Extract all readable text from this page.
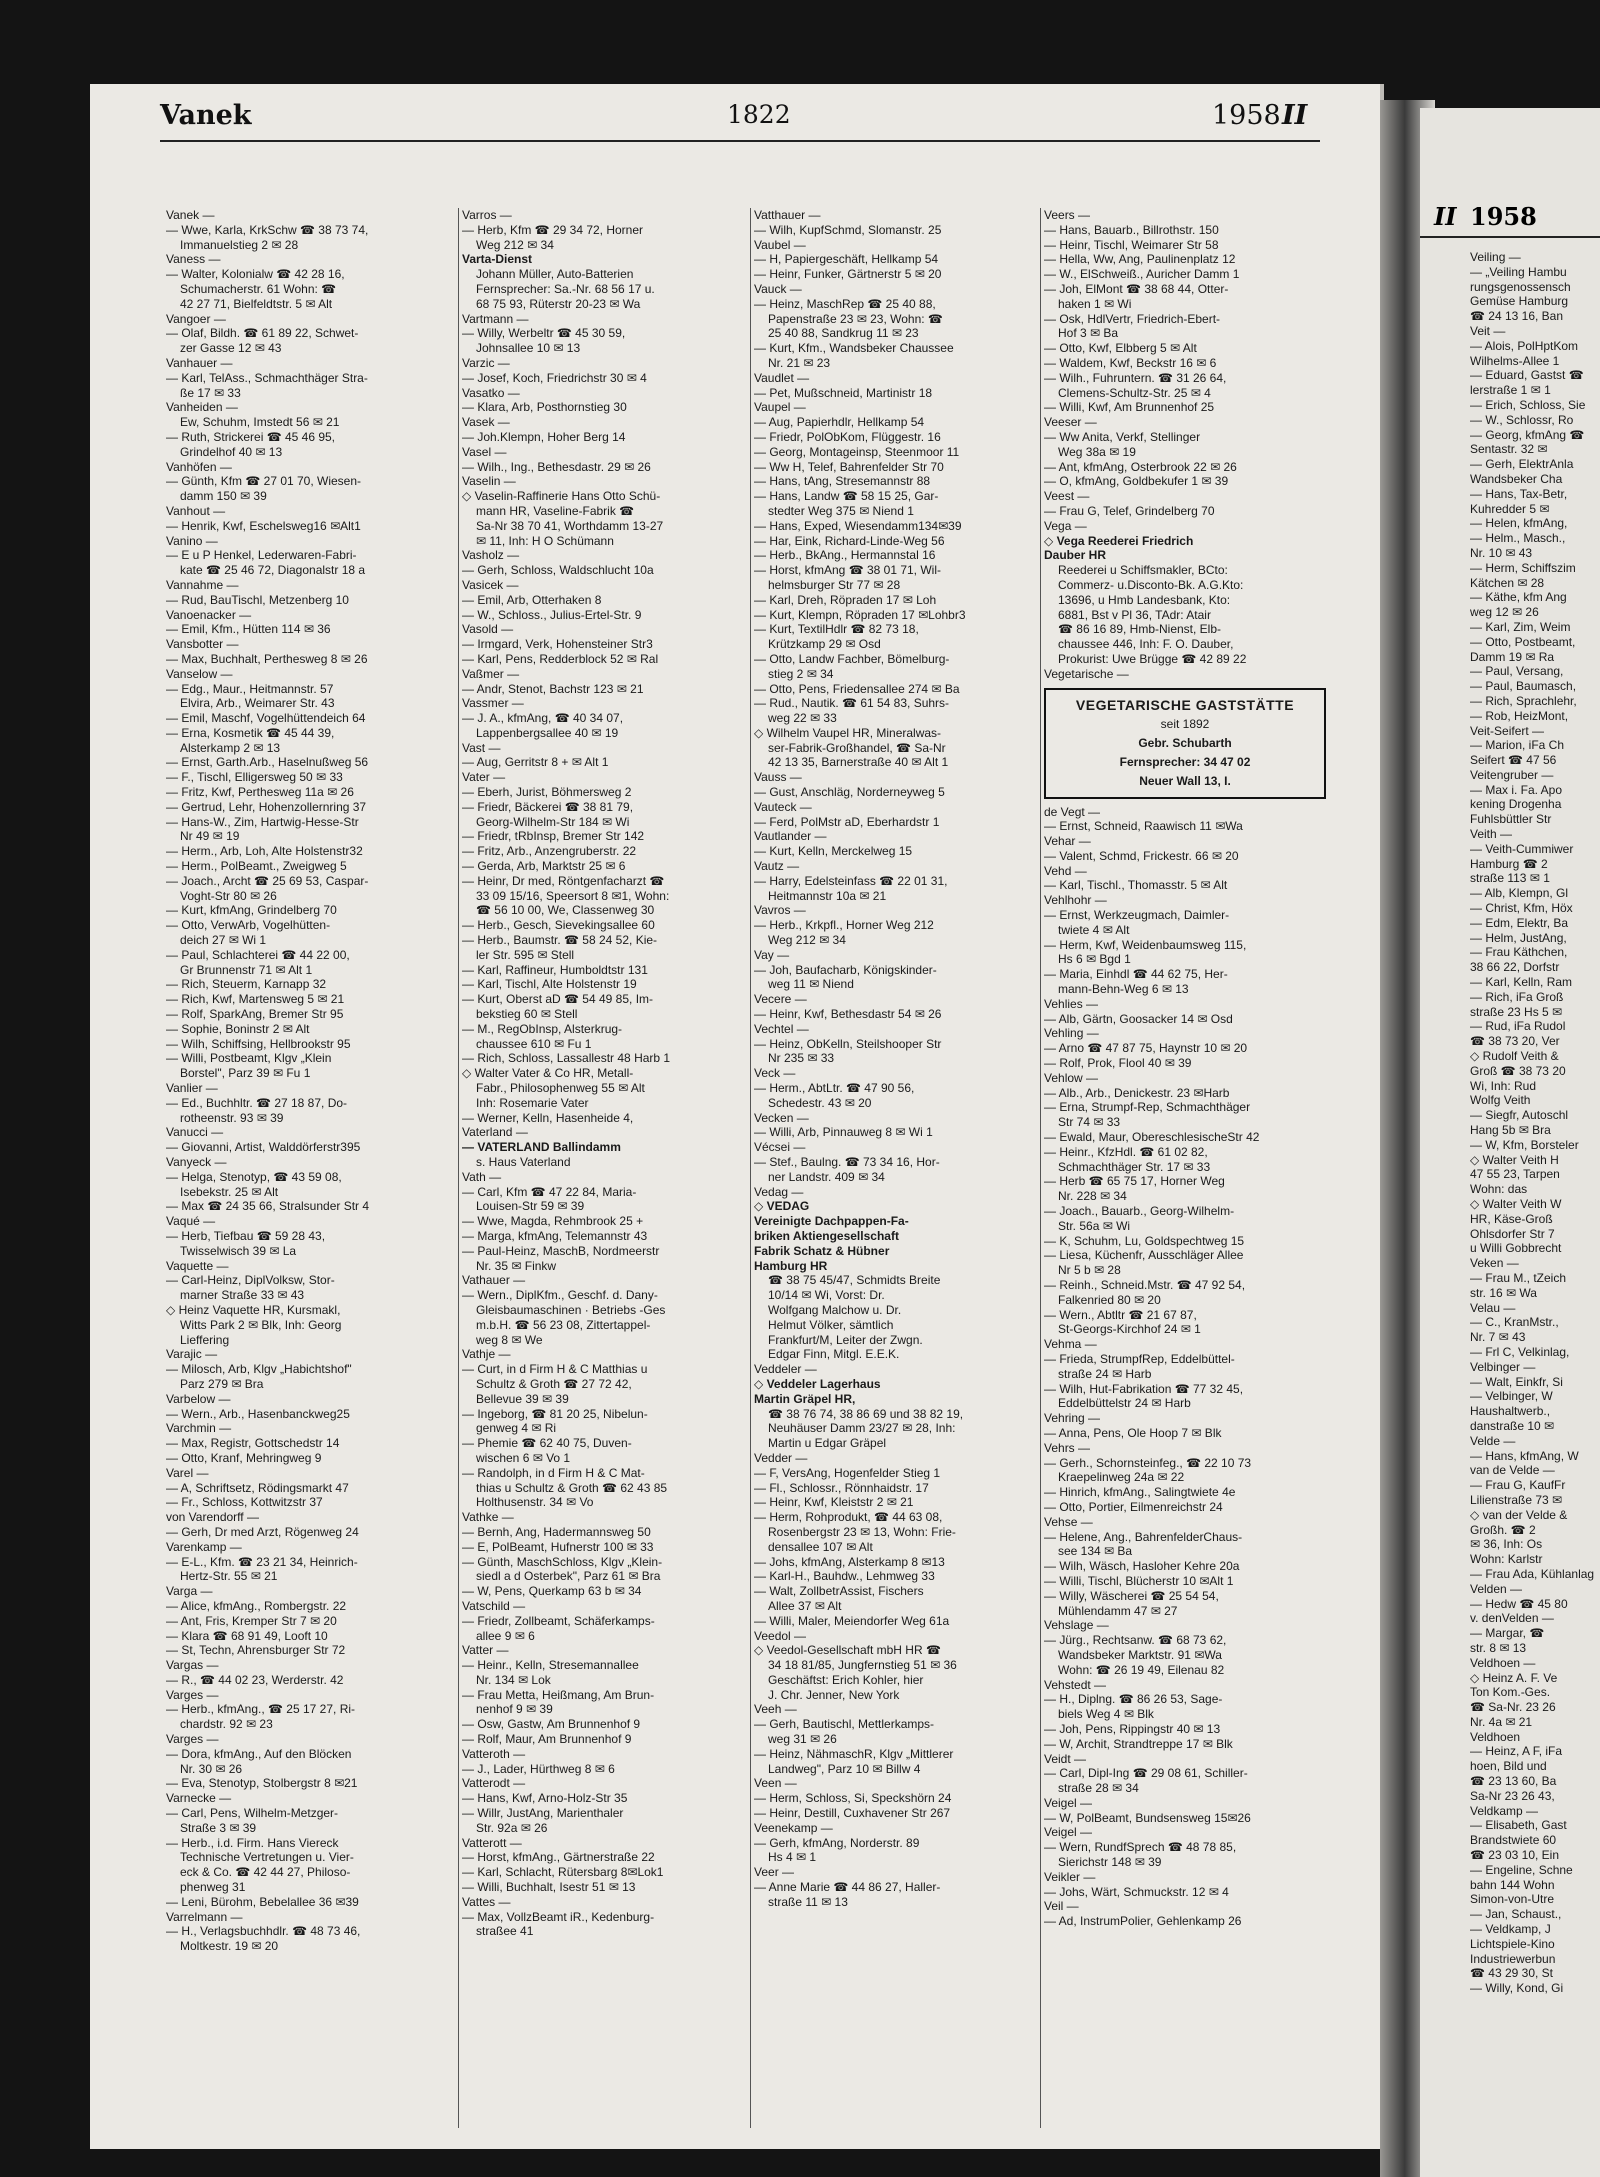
II 1958
Veiling —
— „Veiling Hambu
rungsgenossensch
Gemüse Hamburg
☎ 24 13 16, Ban
Veit —
— Alois, PolHptKom
Wilhelms-Allee 1
— Eduard, Gastst ☎
lerstraße 1 ✉ 1
— Erich, Schloss, Sie
— W., Schlossr, Ro
— Georg, kfmAng ☎
Sentastr. 32 ✉
— Gerh, ElektrAnla
Wandsbeker Cha
— Hans, Tax-Betr,
Kuhredder 5 ✉
— Helen, kfmAng,
— Helm., Masch.,
Nr. 10 ✉ 43
— Herm, Schiffszim
Kätchen ✉ 28
— Käthe, kfm Ang
weg 12 ✉ 26
— Karl, Zim, Weim
— Otto, Postbeamt,
Damm 19 ✉ Ra
— Paul, Versang,
— Paul, Baumasch,
— Rich, Sprachlehr,
— Rob, HeizMont,
Veit-Seifert —
— Marion, iFa Ch
Seifert ☎ 47 56
Veitengruber —
— Max i. Fa. Apo
kening Drogenha
Fuhlsbüttler Str
Veith —
— Veith-Cummiwer
Hamburg ☎ 2
straße 113 ✉ 1
— Alb, Klempn, Gl
— Christ, Kfm, Höx
— Edm, Elektr, Ba
— Helm, JustAng,
— Frau Käthchen,
38 66 22, Dorfstr
— Karl, Kelln, Ram
— Rich, iFa Groß
straße 23 Hs 5 ✉
— Rud, iFa Rudol
☎ 38 73 20, Ver
◇ Rudolf Veith &
Groß ☎ 38 73 20
Wi, Inh: Rud
Wolfg Veith
— Siegfr, Autoschl
Hang 5b ✉ Bra
— W, Kfm, Borsteler
◇ Walter Veith H
47 55 23, Tarpen
Wohn: das
◇ Walter Veith W
HR, Käse-Groß
Ohlsdorfer Str 7
u Willi Gobbrecht
Veken —
— Frau M., tZeich
str. 16 ✉ Wa
Velau —
— C., KranMstr.,
Nr. 7 ✉ 43
— Frl C, Velkinlag,
Velbinger —
— Walt, Einkfr, Si
— Velbinger, W
Haushaltwerb.,
danstraße 10 ✉
Velde —
— Hans, kfmAng, W
van de Velde —
— Frau G, KaufFr
Lilienstraße 73 ✉
◇ van der Velde &
Großh. ☎ 2
✉ 36, Inh: Os
Wohn: Karlstr
— Frau Ada, Kühlanlag
Velden —
— Hedw ☎ 45 80
v. denVelden —
— Margar, ☎
str. 8 ✉ 13
Veldhoen —
◇ Heinz A. F. Ve
Ton Kom.-Ges.
☎ Sa-Nr. 23 26
Nr. 4a ✉ 21
Veldhoen
— Heinz, A F, iFa
hoen, Bild und
☎ 23 13 60, Ba
Sa-Nr 23 26 43,
Veldkamp —
— Elisabeth, Gast
Brandstwiete 60
☎ 23 03 10, Ein
— Engeline, Schne
bahn 144 Wohn
Simon-von-Utre
— Jan, Schaust.,
— Veldkamp, J
Lichtspiele-Kino
Industriewerbun
☎ 43 29 30, St
— Willy, Kond, Gi
Vanek	1822	1958 II
Vanek —
— Wwe, Karla, KrkSchw ☎ 38 73 74,
Immanuelstieg 2 ✉ 28
Vaness —
— Walter, Kolonialw ☎ 42 28 16,
Schumacherstr. 61 Wohn: ☎
42 27 71, Bielfeldtstr. 5 ✉ Alt
Vangoer —
— Olaf, Bildh. ☎ 61 89 22, Schwet-
zer Gasse 12 ✉ 43
Vanhauer —
— Karl, TelAss., Schmachthäger Stra-
ße 17 ✉ 33
Vanheiden —
Ew, Schuhm, Imstedt 56 ✉ 21
— Ruth, Strickerei ☎ 45 46 95,
Grindelhof 40 ✉ 13
Vanhöfen —
— Günth, Kfm ☎ 27 01 70, Wiesen-
damm 150 ✉ 39
Vanhout —
— Henrik, Kwf, Eschelsweg16 ✉Alt1
Vanino —
— E u P Henkel, Lederwaren-Fabri-
kate ☎ 25 46 72, Diagonalstr 18 a
Vannahme —
— Rud, BauTischl, Metzenberg 10
Vanoenacker —
— Emil, Kfm., Hütten 114 ✉ 36
Vansbotter —
— Max, Buchhalt, Perthesweg 8 ✉ 26
Vanselow —
— Edg., Maur., Heitmannstr. 57
Elvira, Arb., Weimarer Str. 43
— Emil, Maschf, Vogelhüttendeich 64
— Erna, Kosmetik ☎ 45 44 39,
Alsterkamp 2 ✉ 13
— Ernst, Garth.Arb., Haselnußweg 56
— F., Tischl, Elligersweg 50 ✉ 33
— Fritz, Kwf, Perthesweg 11a ✉ 26
— Gertrud, Lehr, Hohenzollernring 37
— Hans-W., Zim, Hartwig-Hesse-Str
Nr 49 ✉ 19
— Herm., Arb, Loh, Alte Holstenstr32
— Herm., PolBeamt., Zweigweg 5
— Joach., Archt ☎ 25 69 53, Caspar-
Voght-Str 80 ✉ 26
— Kurt, kfmAng, Grindelberg 70
— Otto, VerwArb, Vogelhütten-
deich 27 ✉ Wi 1
— Paul, Schlachterei ☎ 44 22 00,
Gr Brunnenstr 71 ✉ Alt 1
— Rich, Steuerm, Karnapp 32
— Rich, Kwf, Martensweg 5 ✉ 21
— Rolf, SparkAng, Bremer Str 95
— Sophie, Boninstr 2 ✉ Alt
— Wilh, Schiffsing, Hellbrookstr 95
— Willi, Postbeamt, Klgv „Klein
Borstel", Parz 39 ✉ Fu 1
Vanlier —
— Ed., Buchhltr. ☎ 27 18 87, Do-
rotheenstr. 93 ✉ 39
Vanucci —
— Giovanni, Artist, Walddörferstr395
Vanyeck —
— Helga, Stenotyp, ☎ 43 59 08,
Isebekstr. 25 ✉ Alt
— Max ☎ 24 35 66, Stralsunder Str 4
Vaqué —
— Herb, Tiefbau ☎ 59 28 43,
Twisselwisch 39 ✉ La
Vaquette —
— Carl-Heinz, DiplVolksw, Stor-
marner Straße 33 ✉ 43
◇ Heinz Vaquette HR, Kursmakl,
Witts Park 2 ✉ Blk, Inh: Georg
Lieffering
Varajic —
— Milosch, Arb, Klgv „Habichtshof"
Parz 279 ✉ Bra
Varbelow —
— Wern., Arb., Hasenbanckweg25
Varchmin —
— Max, Registr, Gottschedstr 14
— Otto, Kranf, Mehringweg 9
Varel —
— A, Schriftsetz, Rödingsmarkt 47
— Fr., Schloss, Kottwitzstr 37
von Varendorff —
— Gerh, Dr med Arzt, Rögenweg 24
Varenkamp —
— E-L., Kfm. ☎ 23 21 34, Heinrich-
Hertz-Str. 55 ✉ 21
Varga —
— Alice, kfmAng., Rombergstr. 22
— Ant, Fris, Kremper Str 7 ✉ 20
— Klara ☎ 68 91 49, Looft 10
— St, Techn, Ahrensburger Str 72
Vargas —
— R., ☎ 44 02 23, Werderstr. 42
Varges —
— Herb., kfmAng., ☎ 25 17 27, Ri-
chardstr. 92 ✉ 23
Varges —
— Dora, kfmAng., Auf den Blöcken
Nr. 30 ✉ 26
— Eva, Stenotyp, Stolbergstr 8 ✉21
Varnecke —
— Carl, Pens, Wilhelm-Metzger-
Straße 3 ✉ 39
— Herb., i.d. Firm. Hans Viereck
Technische Vertretungen u. Vier-
eck & Co. ☎ 42 44 27, Philoso-
phenweg 31
— Leni, Bürohm, Bebelallee 36 ✉39
Varrelmann —
— H., Verlagsbuchhdlr. ☎ 48 73 46,
Moltkestr. 19 ✉ 20
Varros —
— Herb, Kfm ☎ 29 34 72, Horner
Weg 212 ✉ 34
Varta-Dienst
Johann Müller, Auto-Batterien
Fernsprecher: Sa.-Nr. 68 56 17 u.
68 75 93, Rüterstr 20-23 ✉ Wa
Vartmann —
— Willy, Werbeltr ☎ 45 30 59,
Johnsallee 10 ✉ 13
Varzic —
— Josef, Koch, Friedrichstr 30 ✉ 4
Vasatko —
— Klara, Arb, Posthornstieg 30
Vasek —
— Joh.Klempn, Hoher Berg 14
Vasel —
— Wilh., Ing., Bethesdastr. 29 ✉ 26
Vaselin —
◇ Vaselin-Raffinerie Hans Otto Schü-
mann HR, Vaseline-Fabrik ☎
Sa-Nr 38 70 41, Worthdamm 13-27
✉ 11, Inh: H O Schümann
Vasholz —
— Gerh, Schloss, Waldschlucht 10a
Vasicek —
— Emil, Arb, Otterhaken 8
— W., Schloss., Julius-Ertel-Str. 9
Vasold —
— Irmgard, Verk, Hohensteiner Str3
— Karl, Pens, Redderblock 52 ✉ Ral
Vaßmer —
— Andr, Stenot, Bachstr 123 ✉ 21
Vassmer —
— J. A., kfmAng, ☎ 40 34 07,
Lappenbergsallee 40 ✉ 19
Vast —
— Aug, Gerritstr 8 + ✉ Alt 1
Vater —
— Eberh, Jurist, Böhmersweg 2
— Friedr, Bäckerei ☎ 38 81 79,
Georg-Wilhelm-Str 184 ✉ Wi
— Friedr, tRbInsp, Bremer Str 142
— Fritz, Arb., Anzengruberstr. 22
— Gerda, Arb, Marktstr 25 ✉ 6
— Heinr, Dr med, Röntgenfacharzt ☎
33 09 15/16, Speersort 8 ✉1, Wohn:
☎ 56 10 00, We, Classenweg 30
— Herb., Gesch, Sievekingsallee 60
— Herb., Baumstr. ☎ 58 24 52, Kie-
ler Str. 595 ✉ Stell
— Karl, Raffineur, Humboldtstr 131
— Karl, Tischl, Alte Holstenstr 19
— Kurt, Oberst aD ☎ 54 49 85, Im-
bekstieg 60 ✉ Stell
— M., RegObInsp, Alsterkrug-
chaussee 610 ✉ Fu 1
— Rich, Schloss, Lassallestr 48 Harb 1
◇ Walter Vater & Co HR, Metall-
Fabr., Philosophenweg 55 ✉ Alt
Inh: Rosemarie Vater
— Werner, Kelln, Hasenheide 4,
Vaterland —
— VATERLAND Ballindamm
s. Haus Vaterland
Vath —
— Carl, Kfm ☎ 47 22 84, Maria-
Louisen-Str 59 ✉ 39
— Wwe, Magda, Rehmbrook 25 +
— Marga, kfmAng, Telemannstr 43
— Paul-Heinz, MaschB, Nordmeerstr
Nr. 35 ✉ Finkw
Vathauer —
— Wern., DiplKfm., Geschf. d. Dany-
Gleisbaumaschinen · Betriebs -Ges
m.b.H. ☎ 56 23 08, Zittertappel-
weg 8 ✉ We
Vathje —
— Curt, in d Firm H & C Matthias u
Schultz & Groth ☎ 27 72 42,
Bellevue 39 ✉ 39
— Ingeborg, ☎ 81 20 25, Nibelun-
genweg 4 ✉ Ri
— Phemie ☎ 62 40 75, Duven-
wischen 6 ✉ Vo 1
— Randolph, in d Firm H & C Mat-
thias u Schultz & Groth ☎ 62 43 85
Holthusenstr. 34 ✉ Vo
Vathke —
— Bernh, Ang, Hadermannsweg 50
— E, PolBeamt, Hufnerstr 100 ✉ 33
— Günth, MaschSchloss, Klgv „Klein-
siedl a d Osterbek", Parz 61 ✉ Bra
— W, Pens, Querkamp 63 b ✉ 34
Vatschild —
— Friedr, Zollbeamt, Schäferkamps-
allee 9 ✉ 6
Vatter —
— Heinr., Kelln, Stresemannallee
Nr. 134 ✉ Lok
— Frau Metta, Heißmang, Am Brun-
nenhof 9 ✉ 39
— Osw, Gastw, Am Brunnenhof 9
— Rolf, Maur, Am Brunnenhof 9
Vatteroth —
— J., Lader, Hürthweg 8 ✉ 6
Vatterodt —
— Hans, Kwf, Arno-Holz-Str 35
— Willr, JustAng, Marienthaler
Str. 92a ✉ 26
Vatterott —
— Horst, kfmAng., Gärtnerstraße 22
— Karl, Schlacht, Rütersbarg 8✉Lok1
— Willi, Buchhalt, Isestr 51 ✉ 13
Vattes —
— Max, VollzBeamt iR., Kedenburg-
straßee 41
Vatthauer —
— Wilh, KupfSchmd, Slomanstr. 25
Vaubel —
— H, Papiergeschäft, Hellkamp 54
— Heinr, Funker, Gärtnerstr 5 ✉ 20
Vauck —
— Heinz, MaschRep ☎ 25 40 88,
Papenstraße 23 ✉ 23, Wohn: ☎
25 40 88, Sandkrug 11 ✉ 23
— Kurt, Kfm., Wandsbeker Chaussee
Nr. 21 ✉ 23
Vaudlet —
— Pet, Mußschneid, Martinistr 18
Vaupel —
— Aug, Papierhdlr, Hellkamp 54
— Friedr, PolObKom, Flüggestr. 16
— Georg, Montageinsp, Steenmoor 11
— Ww H, Telef, Bahrenfelder Str 70
— Hans, tAng, Stresemannstr 88
— Hans, Landw ☎ 58 15 25, Gar-
stedter Weg 375 ✉ Niend 1
— Hans, Exped, Wiesendamm134✉39
— Har, Eink, Richard-Linde-Weg 56
— Herb., BkAng., Hermannstal 16
— Horst, kfmAng ☎ 38 01 71, Wil-
helmsburger Str 77 ✉ 28
— Karl, Dreh, Röpraden 17 ✉ Loh
— Kurt, Klempn, Röpraden 17 ✉Lohbr3
— Kurt, TextilHdlr ☎ 82 73 18,
Krützkamp 29 ✉ Osd
— Otto, Landw Fachber, Bömelburg-
stieg 2 ✉ 34
— Otto, Pens, Friedensallee 274 ✉ Ba
— Rud., Nautik. ☎ 61 54 83, Suhrs-
weg 22 ✉ 33
◇ Wilhelm Vaupel HR, Mineralwas-
ser-Fabrik-Großhandel, ☎ Sa-Nr
42 13 35, Barnerstraße 40 ✉ Alt 1
Vauss —
— Gust, Anschläg, Norderneyweg 5
Vauteck —
— Ferd, PolMstr aD, Eberhardstr 1
Vautlander —
— Kurt, Kelln, Merckelweg 15
Vautz —
— Harry, Edelsteinfass ☎ 22 01 31,
Heitmannstr 10a ✉ 21
Vavros —
— Herb., Krkpfl., Horner Weg 212
Weg 212 ✉ 34
Vay —
— Joh, Baufacharb, Königskinder-
weg 11 ✉ Niend
Vecere —
— Heinr, Kwf, Bethesdastr 54 ✉ 26
Vechtel —
— Heinz, ObKelln, Steilshooper Str
Nr 235 ✉ 33
Veck —
— Herm., AbtLtr. ☎ 47 90 56,
Schedestr. 43 ✉ 20
Vecken —
— Willi, Arb, Pinnauweg 8 ✉ Wi 1
Vécsei —
— Stef., Baulng. ☎ 73 34 16, Hor-
ner Landstr. 409 ✉ 34
Vedag —
◇ VEDAG
Vereinigte Dachpappen-Fa-
briken Aktiengesellschaft
Fabrik Schatz & Hübner
Hamburg HR
☎ 38 75 45/47, Schmidts Breite
10/14 ✉ Wi, Vorst: Dr.
Wolfgang Malchow u. Dr.
Helmut Völker, sämtlich
Frankfurt/M, Leiter der Zwgn.
Edgar Finn, Mitgl. E.E.K.
Veddeler —
◇ Veddeler Lagerhaus
Martin Gräpel HR,
☎ 38 76 74, 38 86 69 und 38 82 19,
Neuhäuser Damm 23/27 ✉ 28, Inh:
Martin u Edgar Gräpel
Vedder —
— F, VersAng, Hogenfelder Stieg 1
— Fl., Schlossr., Rönnhaidstr. 17
— Heinr, Kwf, Kleiststr 2 ✉ 21
— Herm, Rohprodukt, ☎ 44 63 08,
Rosenbergstr 23 ✉ 13, Wohn: Frie-
densallee 107 ✉ Alt
— Johs, kfmAng, Alsterkamp 8 ✉13
— Karl-H., Bauhdw., Lehmweg 33
— Walt, ZollbetrAssist, Fischers
Allee 37 ✉ Alt
— Willi, Maler, Meiendorfer Weg 61a
Veedol —
◇ Veedol-Gesellschaft mbH HR ☎
34 18 81/85, Jungfernstieg 51 ✉ 36
Geschäftst: Erich Kohler, hier
J. Chr. Jenner, New York
Veeh —
— Gerh, Bautischl, Mettlerkamps-
weg 31 ✉ 26
— Heinz, NähmaschR, Klgv „Mittlerer
Landweg", Parz 10 ✉ Billw 4
Veen —
— Herm, Schloss, Si, Speckshörn 24
— Heinr, Destill, Cuxhavener Str 267
Veenekamp —
— Gerh, kfmAng, Norderstr. 89
Hs 4 ✉ 1
Veer —
— Anne Marie ☎ 44 86 27, Haller-
straße 11 ✉ 13
Veers —
— Hans, Bauarb., Billrothstr. 150
— Heinr, Tischl, Weimarer Str 58
— Hella, Ww, Ang, Paulinenplatz 12
— W., ElSchweiß., Auricher Damm 1
— Joh, ElMont ☎ 38 68 44, Otter-
haken 1 ✉ Wi
— Osk, HdlVertr, Friedrich-Ebert-
Hof 3 ✉ Ba
— Otto, Kwf, Elbberg 5 ✉ Alt
— Waldem, Kwf, Beckstr 16 ✉ 6
— Wilh., Fuhruntern. ☎ 31 26 64,
Clemens-Schultz-Str. 25 ✉ 4
— Willi, Kwf, Am Brunnenhof 25
Veeser —
— Ww Anita, Verkf, Stellinger
Weg 38a ✉ 19
— Ant, kfmAng, Osterbrook 22 ✉ 26
— O, kfmAng, Goldbekufer 1 ✉ 39
Veest —
— Frau G, Telef, Grindelberg 70
Vega —
◇ Vega Reederei Friedrich
Dauber HR
Reederei u Schiffsmakler, BCto:
Commerz- u.Disconto-Bk. A.G.Kto:
13696, u Hmb Landesbank, Kto:
6881, Bst v Pl 36, TAdr: Atair
☎ 86 16 89, Hmb-Nienst, Elb-
chaussee 446, Inh: F. O. Dauber,
Prokurist: Uwe Brügge ☎ 42 89 22
Vegetarische —
VEGETARISCHE GASTSTÄTTE
seit 1892
Gebr. Schubarth
Fernsprecher: 34 47 02
Neuer Wall 13, I.
de Vegt —
— Ernst, Schneid, Raawisch 11 ✉Wa
Vehar —
— Valent, Schmd, Frickestr. 66 ✉ 20
Vehd —
— Karl, Tischl., Thomasstr. 5 ✉ Alt
Vehlhohr —
— Ernst, Werkzeugmach, Daimler-
twiete 4 ✉ Alt
— Herm, Kwf, Weidenbaumsweg 115,
Hs 6 ✉ Bgd 1
— Maria, Einhdl ☎ 44 62 75, Her-
mann-Behn-Weg 6 ✉ 13
Vehlies —
— Alb, Gärtn, Goosacker 14 ✉ Osd
Vehling —
— Arno ☎ 47 87 75, Haynstr 10 ✉ 20
— Rolf, Prok, Flool 40 ✉ 39
Vehlow —
— Alb., Arb., Denickestr. 23 ✉Harb
— Erna, Strumpf-Rep, Schmachthäger
Str 74 ✉ 33
— Ewald, Maur, ObereschlesischeStr 42
— Heinr., KfzHdl. ☎ 61 02 82,
Schmachthäger Str. 17 ✉ 33
— Herb ☎ 65 75 17, Horner Weg
Nr. 228 ✉ 34
— Joach., Bauarb., Georg-Wilhelm-
Str. 56a ✉ Wi
— K, Schuhm, Lu, Goldspechtweg 15
— Liesa, Küchenfr, Ausschläger Allee
Nr 5 b ✉ 28
— Reinh., Schneid.Mstr. ☎ 47 92 54,
Falkenried 80 ✉ 20
— Wern., Abtltr ☎ 21 67 87,
St-Georgs-Kirchhof 24 ✉ 1
Vehma —
— Frieda, StrumpfRep, Eddelbüttel-
straße 24 ✉ Harb
— Wilh, Hut-Fabrikation ☎ 77 32 45,
Eddelbüttelstr 24 ✉ Harb
Vehring —
— Anna, Pens, Ole Hoop 7 ✉ Blk
Vehrs —
— Gerh., Schornsteinfeg., ☎ 22 10 73
Kraepelinweg 24a ✉ 22
— Hinrich, kfmAng., Salingtwiete 4e
— Otto, Portier, Eilmenreichstr 24
Vehse —
— Helene, Ang., BahrenfelderChaus-
see 134 ✉ Ba
— Wilh, Wäsch, Hasloher Kehre 20a
— Willi, Tischl, Blücherstr 10 ✉Alt 1
— Willy, Wäscherei ☎ 25 54 54,
Mühlendamm 47 ✉ 27
Vehslage —
— Jürg., Rechtsanw. ☎ 68 73 62,
Wandsbeker Marktstr. 91 ✉Wa
Wohn: ☎ 26 19 49, Eilenau 82
Vehstedt —
— H., Diplng. ☎ 86 26 53, Sage-
biels Weg 4 ✉ Blk
— Joh, Pens, Rippingstr 40 ✉ 13
— W, Archit, Strandtreppe 17 ✉ Blk
Veidt —
— Carl, Dipl-Ing ☎ 29 08 61, Schiller-
straße 28 ✉ 34
Veigel —
— W, PolBeamt, Bundsensweg 15✉26
Veigel —
— Wern, RundfSprech ☎ 48 78 85,
Sierichstr 148 ✉ 39
Veikler —
— Johs, Wärt, Schmuckstr. 12 ✉ 4
Veil —
— Ad, InstrumPolier, Gehlenkamp 26
